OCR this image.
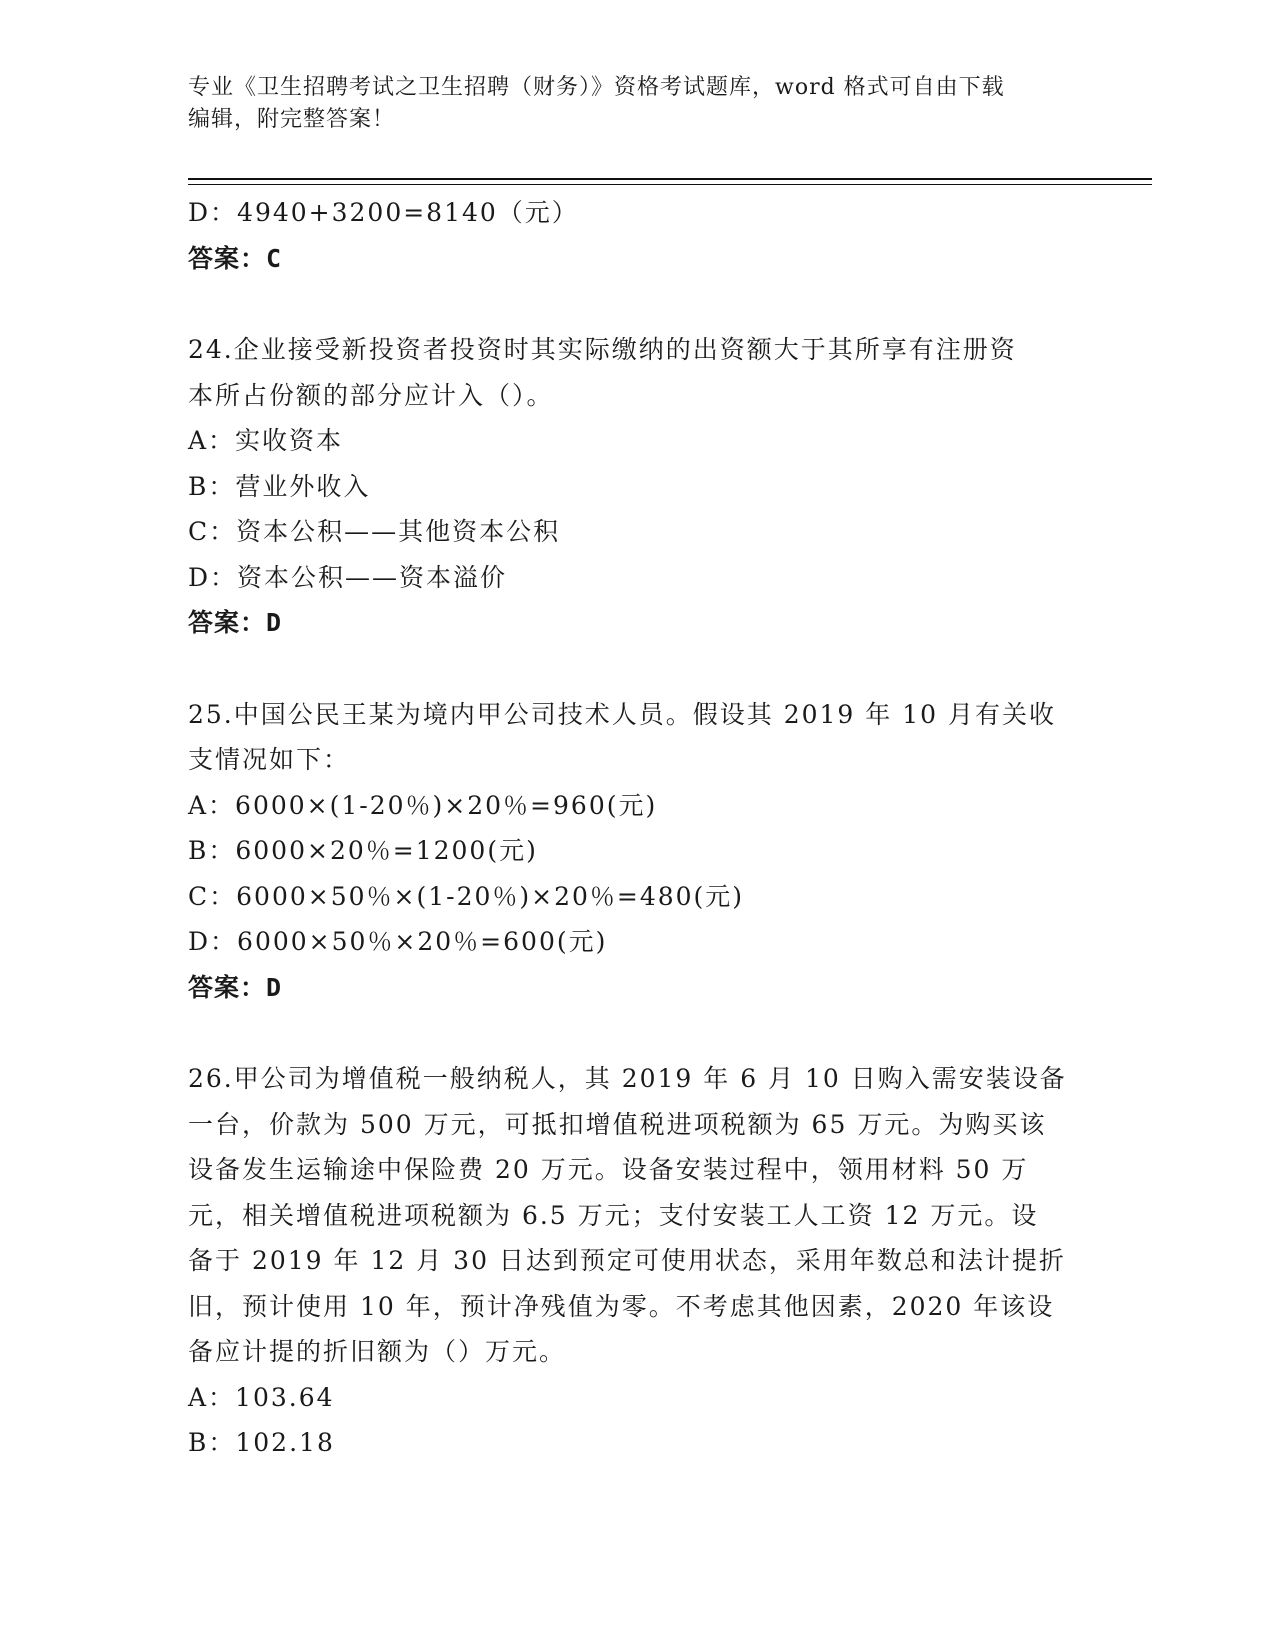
专业《卫生招聘考试之卫生招聘（财务）》资格考试题库，word 格式可自由下载
编辑，附完整答案！
D：4940+3200=8140（元）
答案：C
24.企业接受新投资者投资时其实际缴纳的出资额大于其所享有注册资
本所占份额的部分应计入（）。
A：实收资本
B：营业外收入
C：资本公积——其他资本公积
D：资本公积——资本溢价
答案：D
25.中国公民王某为境内甲公司技术人员。假设其 2019 年 10 月有关收
支情况如下：
A：6000×(1-20％)×20％=960(元)
B：6000×20％=1200(元)
C：6000×50％×(1-20％)×20％=480(元)
D：6000×50％×20％=600(元)
答案：D
26.甲公司为增值税一般纳税人，其 2019 年 6 月 10 日购入需安装设备
一台，价款为 500 万元，可抵扣增值税进项税额为 65 万元。为购买该
设备发生运输途中保险费 20 万元。设备安装过程中，领用材料 50 万
元，相关增值税进项税额为 6.5 万元；支付安装工人工资 12 万元。设
备于 2019 年 12 月 30 日达到预定可使用状态，采用年数总和法计提折
旧，预计使用 10 年，预计净残值为零。不考虑其他因素，2020 年该设
备应计提的折旧额为（）万元。
A：103.64
B：102.18
